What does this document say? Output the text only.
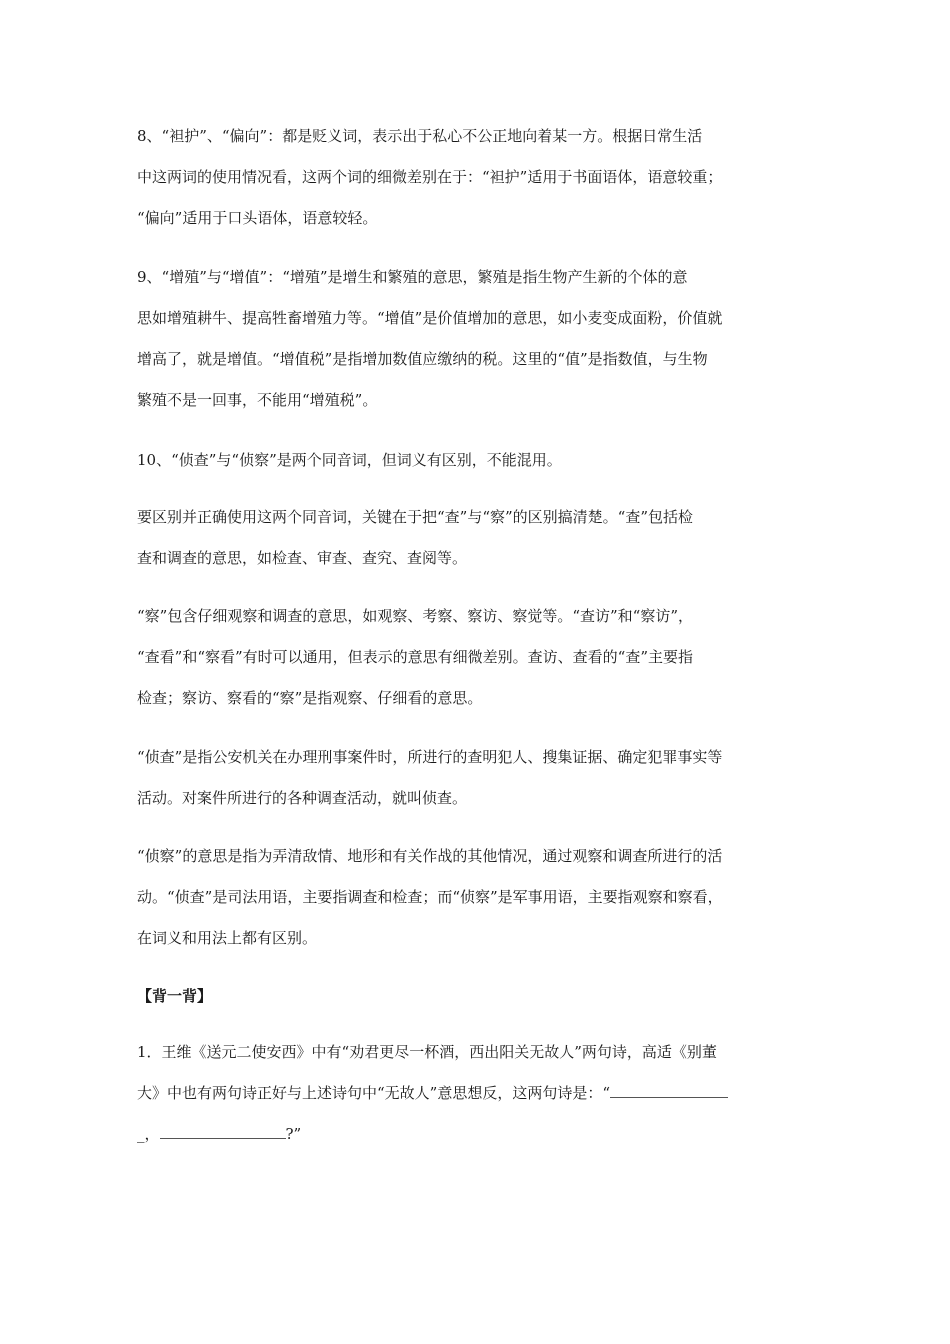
8、“袒护”、“偏向”：都是贬义词，表示出于私心不公正地向着某一方。根据日常生活
中这两词的使用情况看，这两个词的细微差别在于：“袒护”适用于书面语体，语意较重；
“偏向”适用于口头语体，语意较轻。
9、“增殖”与“增值”：“增殖”是增生和繁殖的意思，繁殖是指生物产生新的个体的意
思如增殖耕牛、提高牲畜增殖力等。“增值”是价值增加的意思，如小麦变成面粉，价值就
增高了，就是增值。“增值税”是指增加数值应缴纳的税。这里的“值”是指数值，与生物
繁殖不是一回事，不能用“增殖税”。
10、“侦查”与“侦察”是两个同音词，但词义有区别，不能混用。
要区别并正确使用这两个同音词，关键在于把“查”与“察”的区别搞清楚。“查”包括检
查和调查的意思，如检查、审查、查究、查阅等。
“察”包含仔细观察和调查的意思，如观察、考察、察访、察觉等。“查访”和“察访”，
“查看”和“察看”有时可以通用，但表示的意思有细微差别。查访、查看的“查”主要指
检查；察访、察看的“察”是指观察、仔细看的意思。
“侦查”是指公安机关在办理刑事案件时，所进行的查明犯人、搜集证据、确定犯罪事实等
活动。对案件所进行的各种调查活动，就叫侦查。
“侦察”的意思是指为弄清敌情、地形和有关作战的其他情况，通过观察和调查所进行的活
动。“侦查”是司法用语，主要指调查和检查；而“侦察”是军事用语，主要指观察和察看，
在词义和用法上都有区别。
【背一背】
1．王维《送元二使安西》中有“劝君更尽一杯酒，西出阳关无故人”两句诗，高适《别董
大》中也有两句诗正好与上述诗句中“无故人”意思想反，这两句诗是：“
_，	?”
